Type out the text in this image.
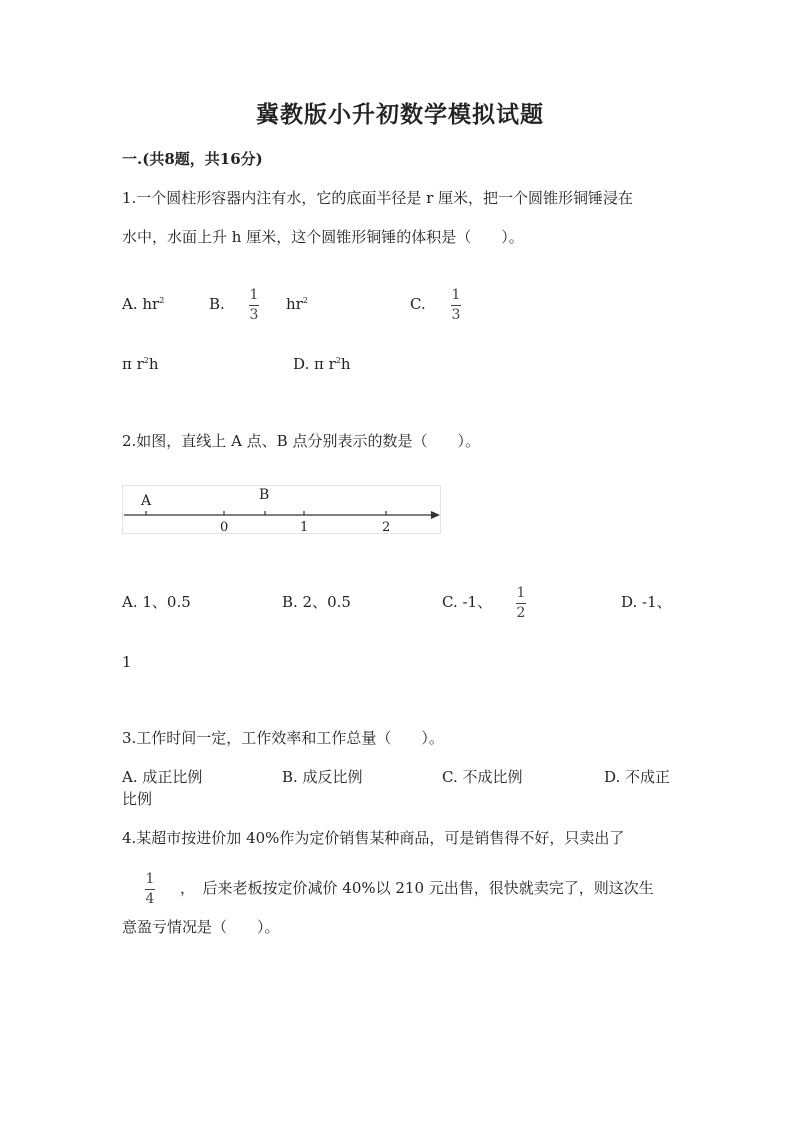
冀教版小升初数学模拟试题
一.(共8题，共16分)
1.一个圆柱形容器内注有水，它的底面半径是 r 厘米，把一个圆锥形铜锤浸在
水中，水面上升 h 厘米，这个圆锥形铜锤的体积是（　　）。
A. $hr^2$	B. 1
3
$hr^2$	C. 1
3
π $r^2h$	D. π $r^2h$
2.如图，直线上 A 点、B 点分别表示的数是（　　）。
A	B
0	1	2
A. 1、0.5	B. 2、0.5	C. -1、 1
2
D. -1、
1
3.工作时间一定，工作效率和工作总量（　　）。
A. 成正比例	B. 成反比例	C. 不成比例	D. 不成正
比例
4.某超市按进价加 40%作为定价销售某种商品，可是销售得不好，只卖出了
1
4
，　后来老板按定价减价 40%以 210 元出售，很快就卖完了，则这次生
意盈亏情况是（　　）。
